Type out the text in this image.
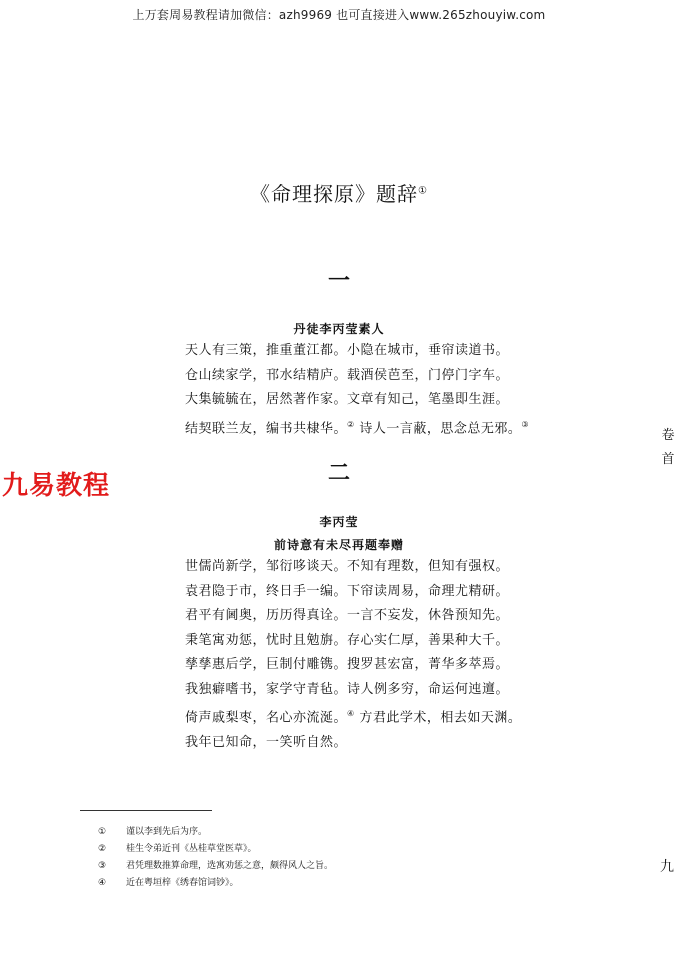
上万套周易教程请加微信：azh9969 也可直接进入www.265zhouyiw.com

《命理探原》题辞①
一
丹徒李丙莹素人
天人有三策，推重董江都。小隐在城市，垂帘读道书。
仓山续家学，邗水结精庐。载酒侯芭至，门停门字车。
大集毓毓在，居然著作家。文章有知己，笔墨即生涯。
结契联兰友，编书共棣华。② 诗人一言蔽，思念总无邪。③
九易教程	二
李丙莹
前诗意有未尽再题奉赠
世儒尚新学，邹衍哆谈天。不知有理数，但知有强权。
袁君隐于市，终日手一编。下帘读周易，命理尤精研。
君平有阃奥，历历得真诠。一言不妄发，休咎预知先。
秉笔寓劝惩，忧时且勉旃。存心实仁厚，善果种大千。
孳孳惠后学，巨制付雕镌。搜罗甚宏富，菁华多萃焉。
我独癖嗜书，家学守青毡。诗人例多穷，命运何迍邅。
倚声戚梨枣，名心亦流涎。④ 方君此学术，相去如天渊。
我年已知命，一笑听自然。
卷
首
九
① 谨以李到先后为序。
② 桂生令弟近刊《丛桂草堂医草》。
③ 君凭理数推算命理，选寓劝惩之意，颇得风人之旨。
④ 近在粤垣梓《绣春馆词钞》。
